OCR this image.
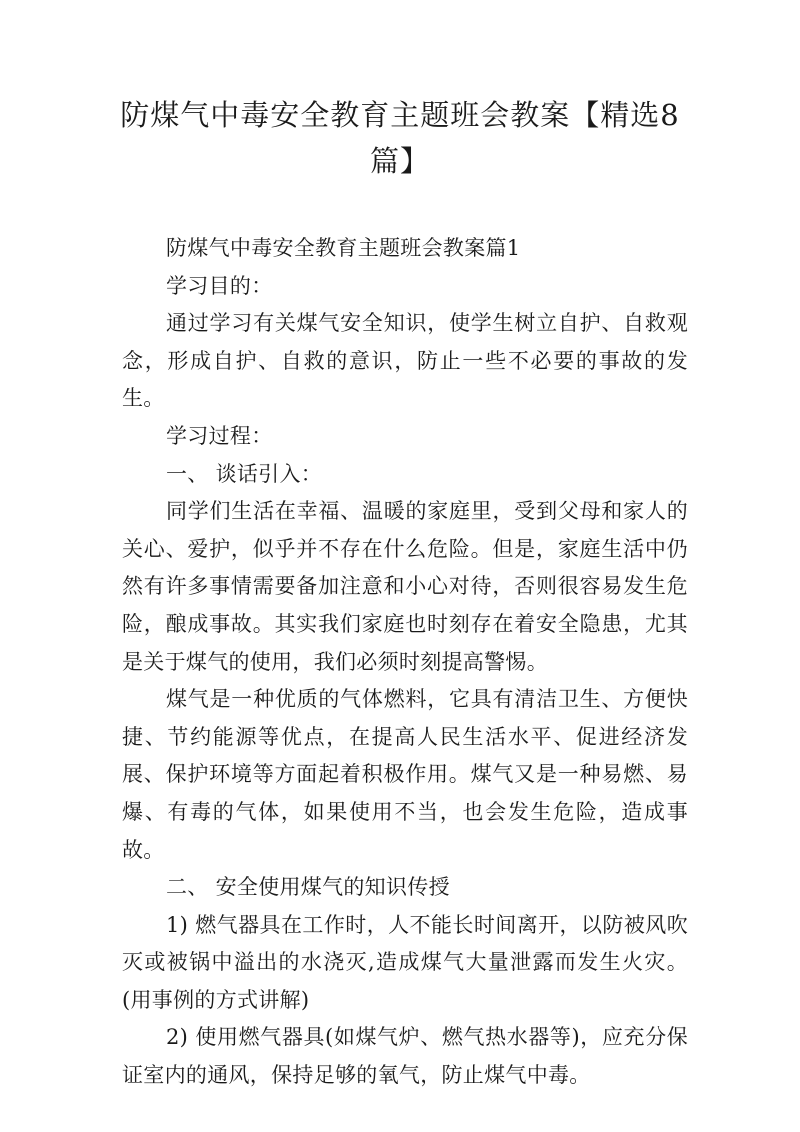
防煤气中毒安全教育主题班会教案【精选8篇】

防煤气中毒安全教育主题班会教案篇1

学习目的：

通过学习有关煤气安全知识，使学生树立自护、自救观念，形成自护、自救的意识，防止一些不必要的事故的发生。

学习过程：

一、 谈话引入：

同学们生活在幸福、温暖的家庭里，受到父母和家人的关心、爱护，似乎并不存在什么危险。但是，家庭生活中仍然有许多事情需要备加注意和小心对待，否则很容易发生危险，酿成事故。其实我们家庭也时刻存在着安全隐患，尤其是关于煤气的使用，我们必须时刻提高警惕。

煤气是一种优质的气体燃料，它具有清洁卫生、方便快捷、节约能源等优点，在提高人民生活水平、促进经济发展、保护环境等方面起着积极作用。煤气又是一种易燃、易爆、有毒的气体，如果使用不当，也会发生危险，造成事故。

二、 安全使用煤气的知识传授

1) 燃气器具在工作时，人不能长时间离开，以防被风吹灭或被锅中溢出的水浇灭,造成煤气大量泄露而发生火灾。(用事例的方式讲解)

2) 使用燃气器具(如煤气炉、燃气热水器等)，应充分保证室内的通风，保持足够的氧气，防止煤气中毒。
